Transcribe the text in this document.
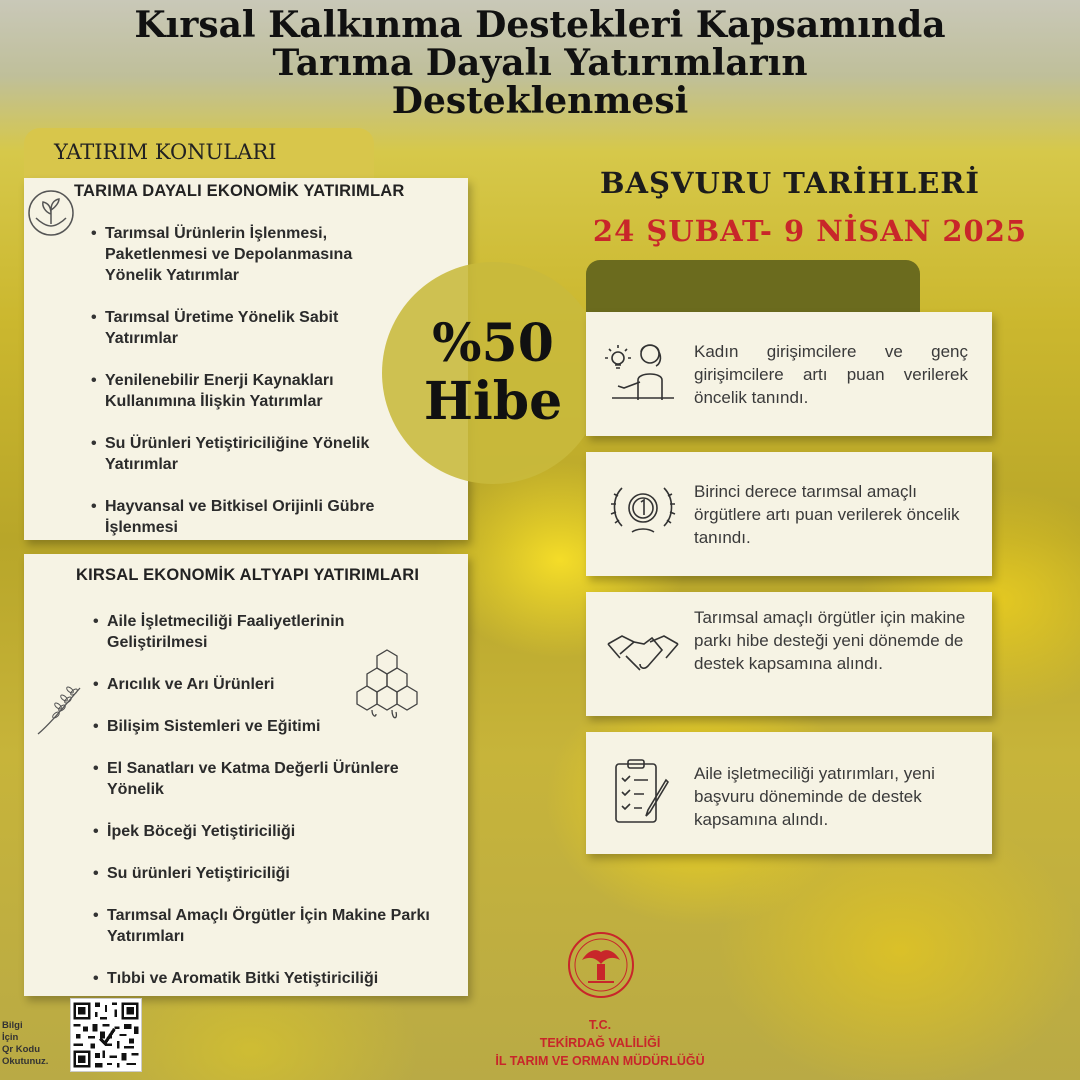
Kırsal Kalkınma Destekleri Kapsamında
Tarıma Dayalı Yatırımların
Desteklenmesi
YATIRIM KONULARI
TARIMA DAYALI EKONOMİK YATIRIMLAR
• Tarımsal Ürünlerin İşlenmesi, Paketlenmesi ve Depolanmasına Yönelik Yatırımlar
• Tarımsal Üretime Yönelik Sabit Yatırımlar
• Yenilenebilir Enerji Kaynakları Kullanımına İlişkin Yatırımlar
• Su Ürünleri Yetiştiriciliğine Yönelik Yatırımlar
• Hayvansal ve Bitkisel Orijinli Gübre İşlenmesi
KIRSAL EKONOMİK ALTYAPI YATIRIMLARI
• Aile İşletmeciliği Faaliyetlerinin Geliştirilmesi
• Arıcılık ve Arı Ürünleri
• Bilişim Sistemleri ve Eğitimi
• El Sanatları ve Katma Değerli Ürünlere Yönelik
• İpek Böceği Yetiştiriciliği
• Su ürünleri Yetiştiriciliği
• Tarımsal Amaçlı Örgütler İçin Makine Parkı Yatırımları
• Tıbbi ve Aromatik Bitki Yetiştiriciliği
%50
Hibe
BAŞVURU TARİHLERİ
24 ŞUBAT- 9 NİSAN 2025
Kadın girişimcilere ve genç girişimcilere artı puan verilerek öncelik tanındı.
Birinci derece tarımsal amaçlı örgütlere artı puan verilerek öncelik tanındı.
Tarımsal amaçlı örgütler için makine parkı hibe desteği yeni dönemde de destek kapsamına alındı.
Aile işletmeciliği yatırımları, yeni başvuru döneminde de destek kapsamına alındı.
Bilgi
İçin
Qr Kodu
Okutunuz.
T.C.
TEKİRDAĞ VALİLİĞİ
İL TARIM VE ORMAN MÜDÜRLÜĞÜ
